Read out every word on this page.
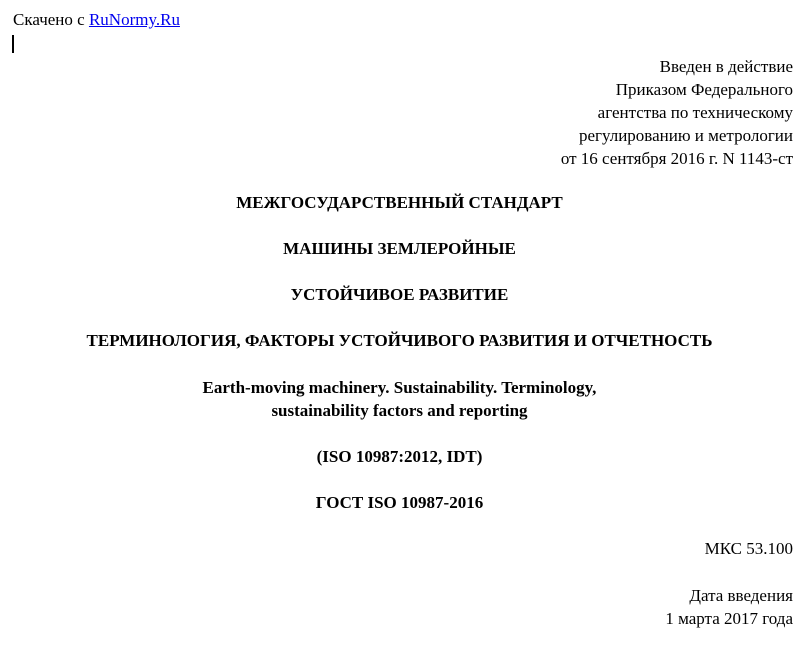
Скачено с RuNormy.Ru
Введен в действие
Приказом Федерального
агентства по техническому
регулированию и метрологии
от 16 сентября 2016 г. N 1143-ст
МЕЖГОСУДАРСТВЕННЫЙ СТАНДАРТ
МАШИНЫ ЗЕМЛЕРОЙНЫЕ
УСТОЙЧИВОЕ РАЗВИТИЕ
ТЕРМИНОЛОГИЯ, ФАКТОРЫ УСТОЙЧИВОГО РАЗВИТИЯ И ОТЧЕТНОСТЬ
Earth-moving machinery. Sustainability. Terminology,
sustainability factors and reporting
(ISO 10987:2012, IDT)
ГОСТ ISO 10987-2016
МКС 53.100
Дата введения
1 марта 2017 года
